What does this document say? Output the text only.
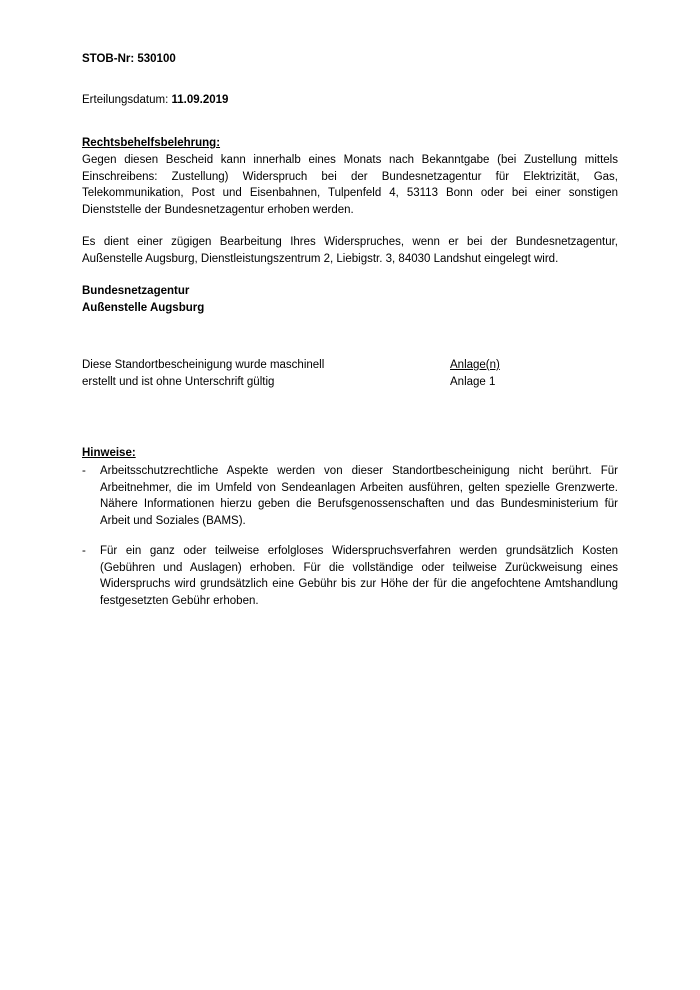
STOB-Nr: 530100
Erteilungsdatum: 11.09.2019
Rechtsbehelfsbelehrung:

Gegen diesen Bescheid kann innerhalb eines Monats nach Bekanntgabe (bei Zustellung mittels Einschreibens: Zustellung) Widerspruch bei der Bundesnetzagentur für Elektrizität, Gas, Telekommunikation, Post und Eisenbahnen, Tulpenfeld 4, 53113 Bonn oder bei einer sonstigen Dienststelle der Bundesnetzagentur erhoben werden.

Es dient einer zügigen Bearbeitung Ihres Widerspruches, wenn er bei der Bundesnetzagentur, Außenstelle Augsburg, Dienstleistungszentrum 2, Liebigstr. 3, 84030 Landshut eingelegt wird.

Bundesnetzagentur
Außenstelle Augsburg
Diese Standortbescheinigung wurde maschinell
erstellt und ist ohne Unterschrift gültig
Anlage(n)
Anlage 1
Hinweise:
-	Arbeitsschutzrechtliche Aspekte werden von dieser Standortbescheinigung nicht berührt. Für Arbeitnehmer, die im Umfeld von Sendeanlagen Arbeiten ausführen, gelten spezielle Grenzwerte. Nähere Informationen hierzu geben die Berufsgenossenschaften und das Bundesministerium für Arbeit und Soziales (BAMS).
-	Für ein ganz oder teilweise erfolgloses Widerspruchsverfahren werden grundsätzlich Kosten (Gebühren und Auslagen) erhoben. Für die vollständige oder teilweise Zurückweisung eines Widerspruchs wird grundsätzlich eine Gebühr bis zur Höhe der für die angefochtene Amtshandlung festgesetzten Gebühr erhoben.
